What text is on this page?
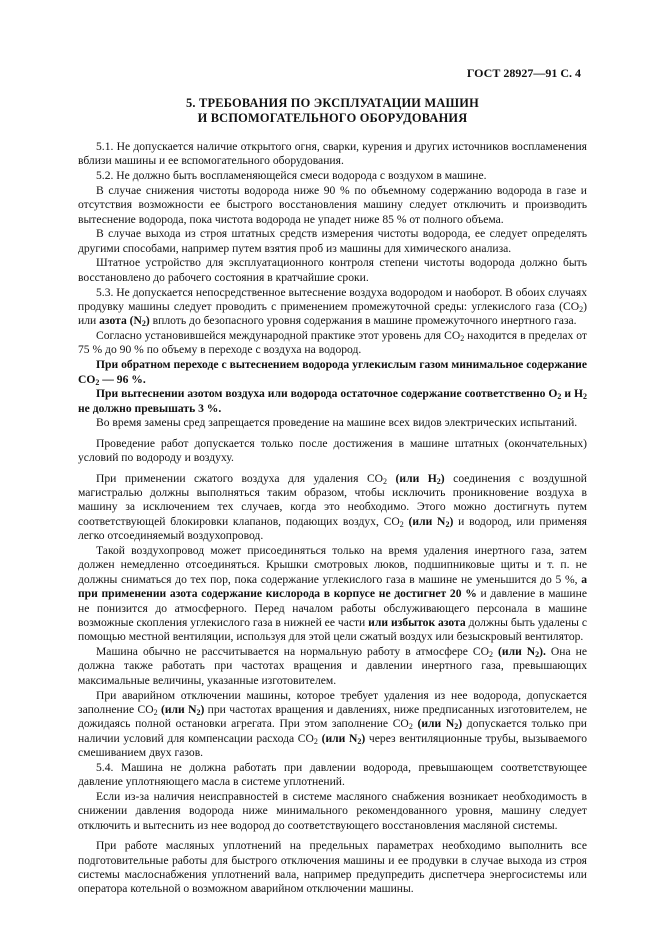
ГОСТ 28927—91 С. 4
5. ТРЕБОВАНИЯ ПО ЭКСПЛУАТАЦИИ МАШИН
И ВСПОМОГАТЕЛЬНОГО ОБОРУДОВАНИЯ

5.1. Не допускается наличие открытого огня, сварки, курения и других источников воспламенения вблизи машины и ее вспомогательного оборудования.

5.2. Не должно быть воспламеняющейся смеси водорода с воздухом в машине.

В случае снижения чистоты водорода ниже 90 % по объемному содержанию водорода в газе и отсутствия возможности ее быстрого восстановления машину следует отключить и производить вытеснение водорода, пока чистота водорода не упадет ниже 85 % от полного объема.

В случае выхода из строя штатных средств измерения чистоты водорода, ее следует определять другими способами, например путем взятия проб из машины для химического анализа.

Штатное устройство для эксплуатационного контроля степени чистоты водорода должно быть восстановлено до рабочего состояния в кратчайшие сроки.

5.3. Не допускается непосредственное вытеснение воздуха водородом и наоборот. В обоих случаях продувку машины следует проводить с применением промежуточной среды: углекислого газа $(СО_2)$ или азота $(N_2)$ вплоть до безопасного уровня содержания в машине промежуточного инертного газа.

Согласно установившейся международной практике этот уровень для $СО_2$ находится в пределах от 75 % до 90 % по объему в переходе с воздуха на водород.

При обратном переходе с вытеснением водорода углекислым газом минимальное содержание $СО_2$ — 96 %.

При вытеснении азотом воздуха или водорода остаточное содержание соответственно $О_2$ и $Н_2$ не должно превышать 3 %.

Во время замены сред запрещается проведение на машине всех видов электрических испытаний.

Проведение работ допускается только после достижения в машине штатных (окончательных) условий по водороду и воздуху.

При применении сжатого воздуха для удаления $СО_2$ (или $Н_2$) соединения с воздушной магистралью должны выполняться таким образом, чтобы исключить проникновение воздуха в машину за исключением тех случаев, когда это необходимо. Этого можно достигнуть путем соответствующей блокировки клапанов, подающих воздух, $СО_2$ (или $N_2$) и водород, или применяя легко отсоединяемый воздухопровод.

Такой воздухопровод может присоединяться только на время удаления инертного газа, затем должен немедленно отсоединяться. Крышки смотровых люков, подшипниковые щиты и т. п. не должны сниматься до тех пор, пока содержание углекислого газа в машине не уменьшится до 5 %, а при применении азота содержание кислорода в корпусе не достигнет 20 % и давление в машине не понизится до атмосферного. Перед началом работы обслуживающего персонала в машине возможные скопления углекислого газа в нижней ее части или избыток азота должны быть удалены с помощью местной вентиляции, используя для этой цели сжатый воздух или безыскровый вентилятор.

Машина обычно не рассчитывается на нормальную работу в атмосфере $СО_2$ (или $N_2$). Она не должна также работать при частотах вращения и давлении инертного газа, превышающих максимальные величины, указанные изготовителем.

При аварийном отключении машины, которое требует удаления из нее водорода, допускается заполнение $СО_2$ (или $N_2$) при частотах вращения и давлениях, ниже предписанных изготовителем, не дожидаясь полной остановки агрегата. При этом заполнение $СО_2$ (или $N_2$) допускается только при наличии условий для компенсации расхода $СО_2$ (или $N_2$) через вентиляционные трубы, вызываемого смешиванием двух газов.

5.4. Машина не должна работать при давлении водорода, превышающем соответствующее давление уплотняющего масла в системе уплотнений.

Если из-за наличия неисправностей в системе масляного снабжения возникает необходимость в снижении давления водорода ниже минимального рекомендованного уровня, машину следует отключить и вытеснить из нее водород до соответствующего восстановления масляной системы.

При работе масляных уплотнений на предельных параметрах необходимо выполнить все подготовительные работы для быстрого отключения машины и ее продувки в случае выхода из строя системы маслоснабжения уплотнений вала, например предупредить диспетчера энергосистемы или оператора котельной о возможном аварийном отключении машины.
